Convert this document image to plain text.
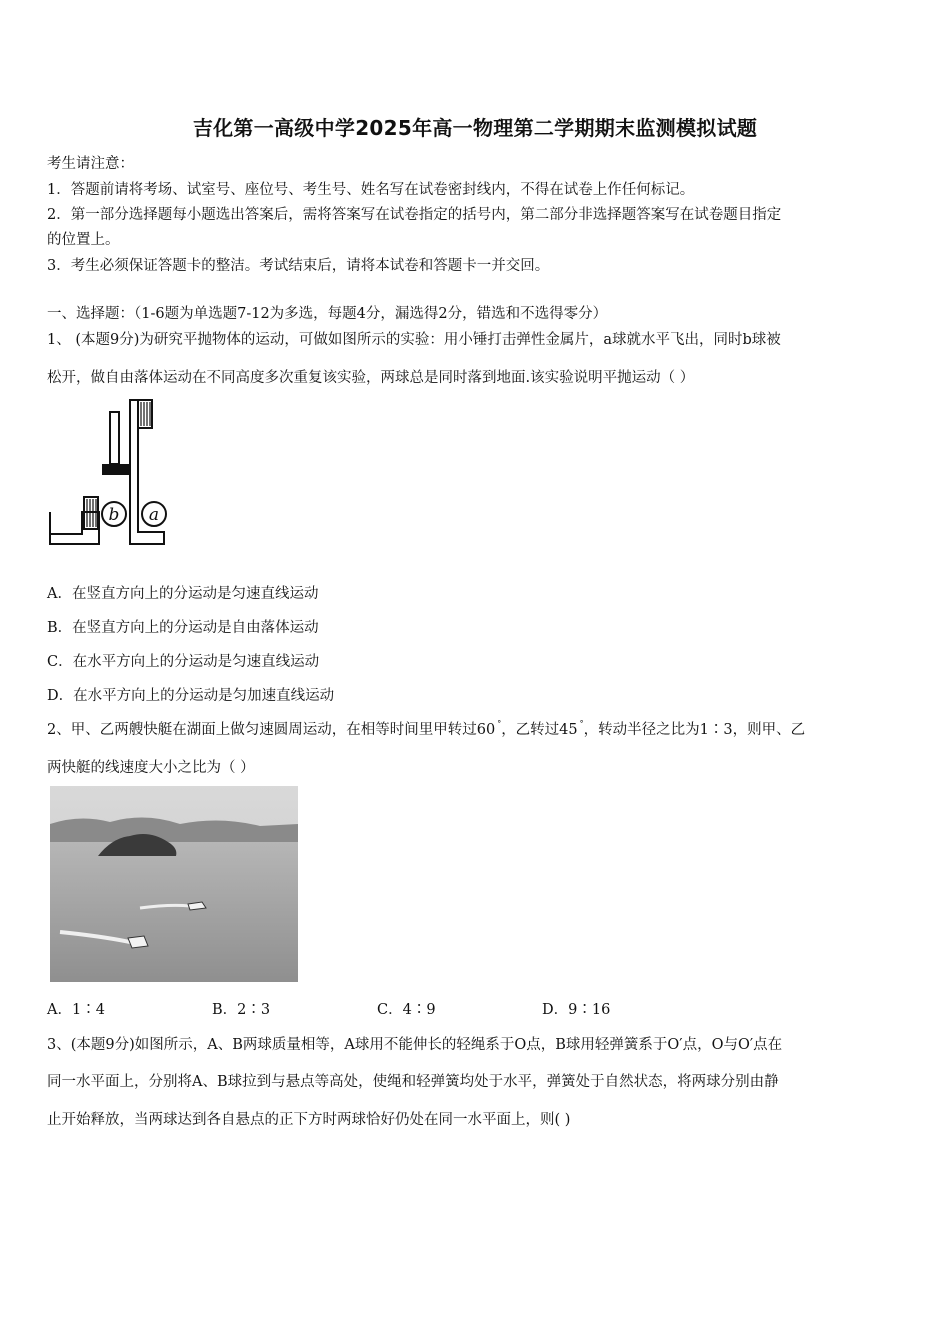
吉化第一高级中学2025年高一物理第二学期期末监测模拟试题
考生请注意：
1．答题前请将考场、试室号、座位号、考生号、姓名写在试卷密封线内，不得在试卷上作任何标记。
2．第一部分选择题每小题选出答案后，需将答案写在试卷指定的括号内，第二部分非选择题答案写在试卷题目指定
的位置上。
3．考生必须保证答题卡的整洁。考试结束后，请将本试卷和答题卡一并交回。
一、选择题：（1-6题为单选题7-12为多选，每题4分，漏选得2分，错选和不选得零分）
1、 (本题9分)为研究平抛物体的运动，可做如图所示的实验：用小锤打击弹性金属片，a球就水平飞出，同时b球被
松开，做自由落体运动在不同高度多次重复该实验，两球总是同时落到地面.该实验说明平抛运动（ ）
b a
A．在竖直方向上的分运动是匀速直线运动
B．在竖直方向上的分运动是自由落体运动
C．在水平方向上的分运动是匀速直线运动
D．在水平方向上的分运动是匀加速直线运动
2、甲、乙两艘快艇在湖面上做匀速圆周运动，在相等时间里甲转过60 °，乙转过45 °，转动半径之比为1∶3，则甲、乙
两快艇的线速度大小之比为（ ）
A．1∶4	B．2∶3	C．4∶9	D．9∶16
3、(本题9分)如图所示，A、B两球质量相等，A球用不能伸长的轻绳系于O点，B球用轻弹簧系于O′点，O与O′点在
同一水平面上，分别将A、B球拉到与悬点等高处，使绳和轻弹簧均处于水平，弹簧处于自然状态，将两球分别由静
止开始释放，当两球达到各自悬点的正下方时两球恰好仍处在同一水平面上，则( )
